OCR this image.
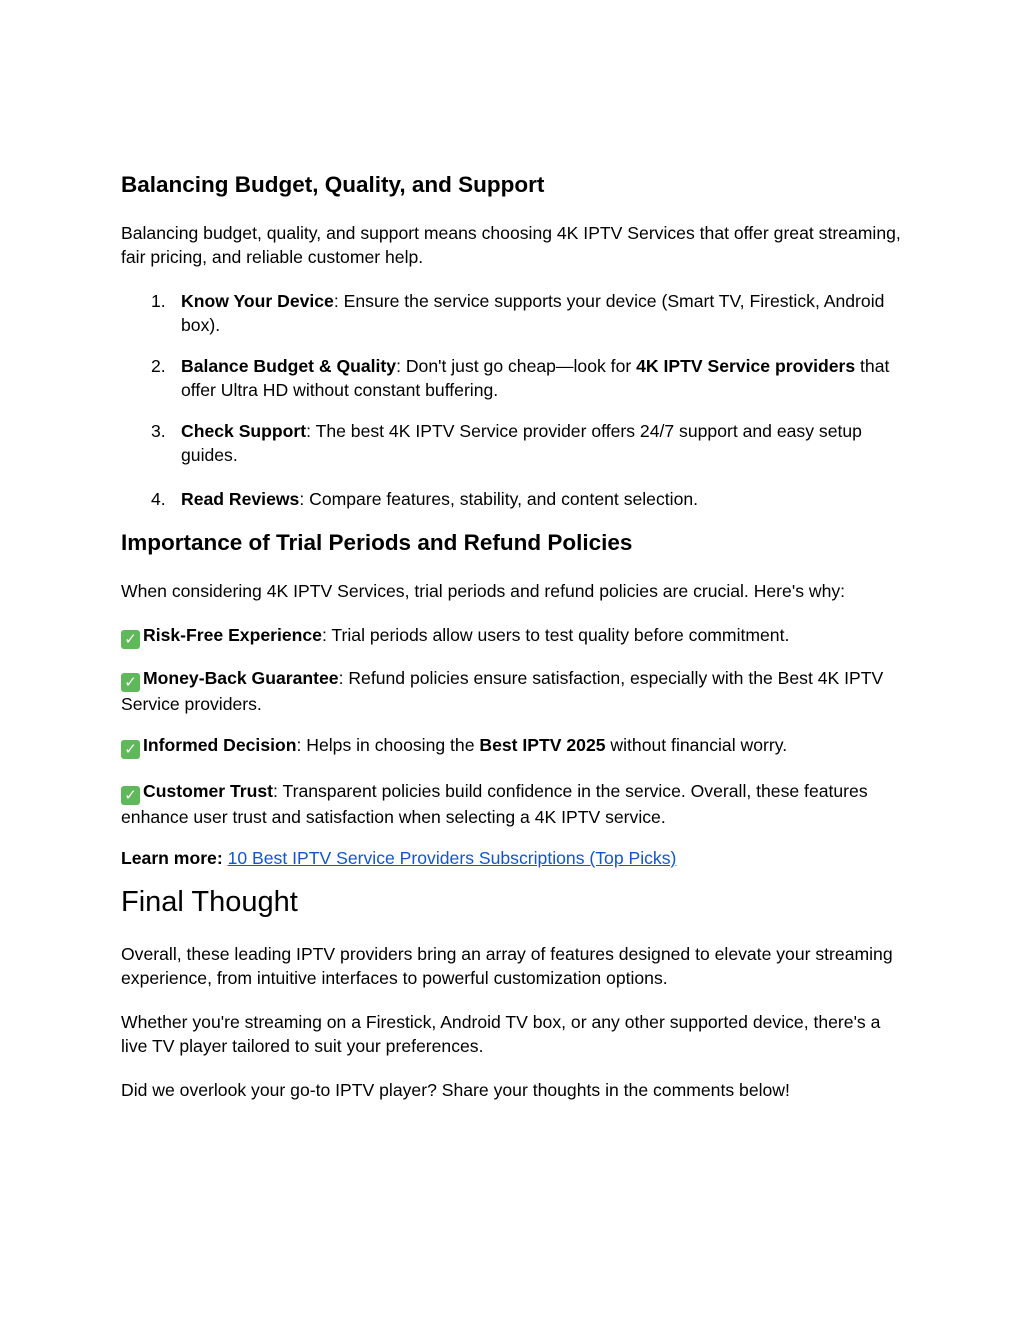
Balancing Budget, Quality, and Support

Balancing budget, quality, and support means choosing 4K IPTV Services that offer great streaming, fair pricing, and reliable customer help.

1. Know Your Device: Ensure the service supports your device (Smart TV, Firestick, Android box).
2. Balance Budget & Quality: Don't just go cheap—look for 4K IPTV Service providers that offer Ultra HD without constant buffering.
3. Check Support: The best 4K IPTV Service provider offers 24/7 support and easy setup guides.
4. Read Reviews: Compare features, stability, and content selection.
Importance of Trial Periods and Refund Policies

When considering 4K IPTV Services, trial periods and refund policies are crucial. Here's why:

✓ Risk-Free Experience: Trial periods allow users to test quality before commitment.

✓ Money-Back Guarantee: Refund policies ensure satisfaction, especially with the Best 4K IPTV Service providers.

✓ Informed Decision: Helps in choosing the Best IPTV 2025 without financial worry.

✓ Customer Trust: Transparent policies build confidence in the service. Overall, these features enhance user trust and satisfaction when selecting a 4K IPTV service.

Learn more: 10 Best IPTV Service Providers Subscriptions (Top Picks)

Final Thought

Overall, these leading IPTV providers bring an array of features designed to elevate your streaming experience, from intuitive interfaces to powerful customization options.

Whether you're streaming on a Firestick, Android TV box, or any other supported device, there's a live TV player tailored to suit your preferences.

Did we overlook your go-to IPTV player? Share your thoughts in the comments below!
